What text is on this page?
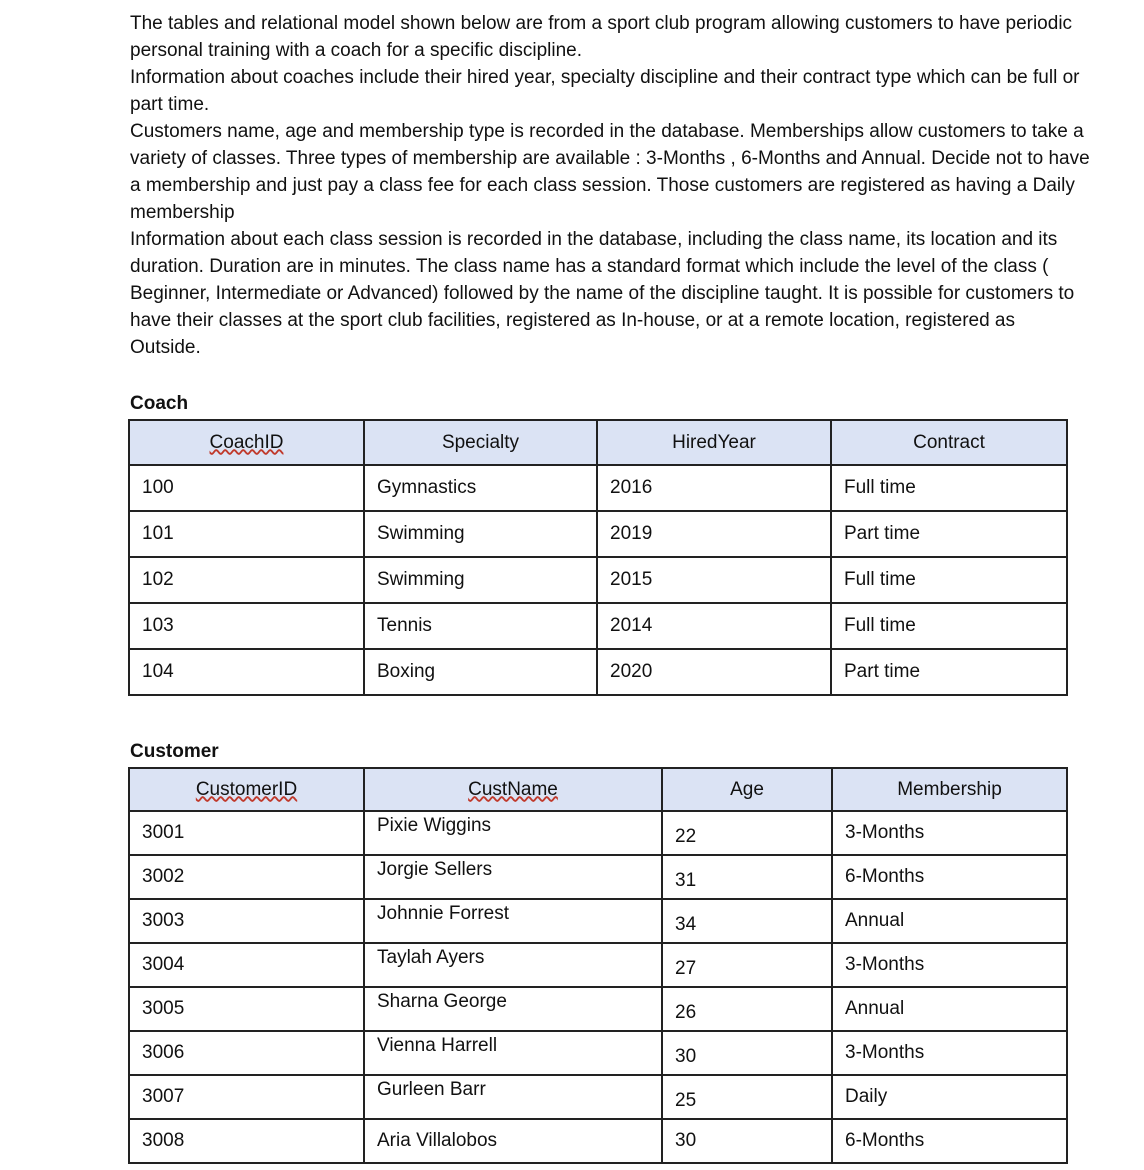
The tables and relational model shown below are from a sport club program allowing customers to have periodic personal training with a coach for a specific discipline.

Information about coaches include their hired year, specialty discipline and their contract type which can be full or part time.

Customers name, age and membership type is recorded in the database. Memberships allow customers to take a variety of classes. Three types of membership are available : 3-Months , 6-Months and Annual. Decide not to have a membership and just pay a class fee for each class session. Those customers are registered as having a Daily membership

Information about each class session is recorded in the database, including the class name, its location and its duration. Duration are in minutes. The class name has a standard format which include the level of the class ( Beginner, Intermediate or Advanced) followed by the name of the discipline taught. It is possible for customers to have their classes at the sport club facilities, registered as In-house, or at a remote location, registered as Outside.

Coach
CoachID	Specialty	HiredYear	Contract
100	Gymnastics	2016	Full time
101	Swimming	2019	Part time
102	Swimming	2015	Full time
103	Tennis	2014	Full time
104	Boxing	2020	Part time
Customer
CustomerID	CustName	Age	Membership
3001	Pixie Wiggins	22	3-Months
3002	Jorgie Sellers	31	6-Months
3003	Johnnie Forrest	34	Annual
3004	Taylah Ayers	27	3-Months
3005	Sharna George	26	Annual
3006	Vienna Harrell	30	3-Months
3007	Gurleen Barr	25	Daily
3008	Aria Villalobos	30	6-Months
